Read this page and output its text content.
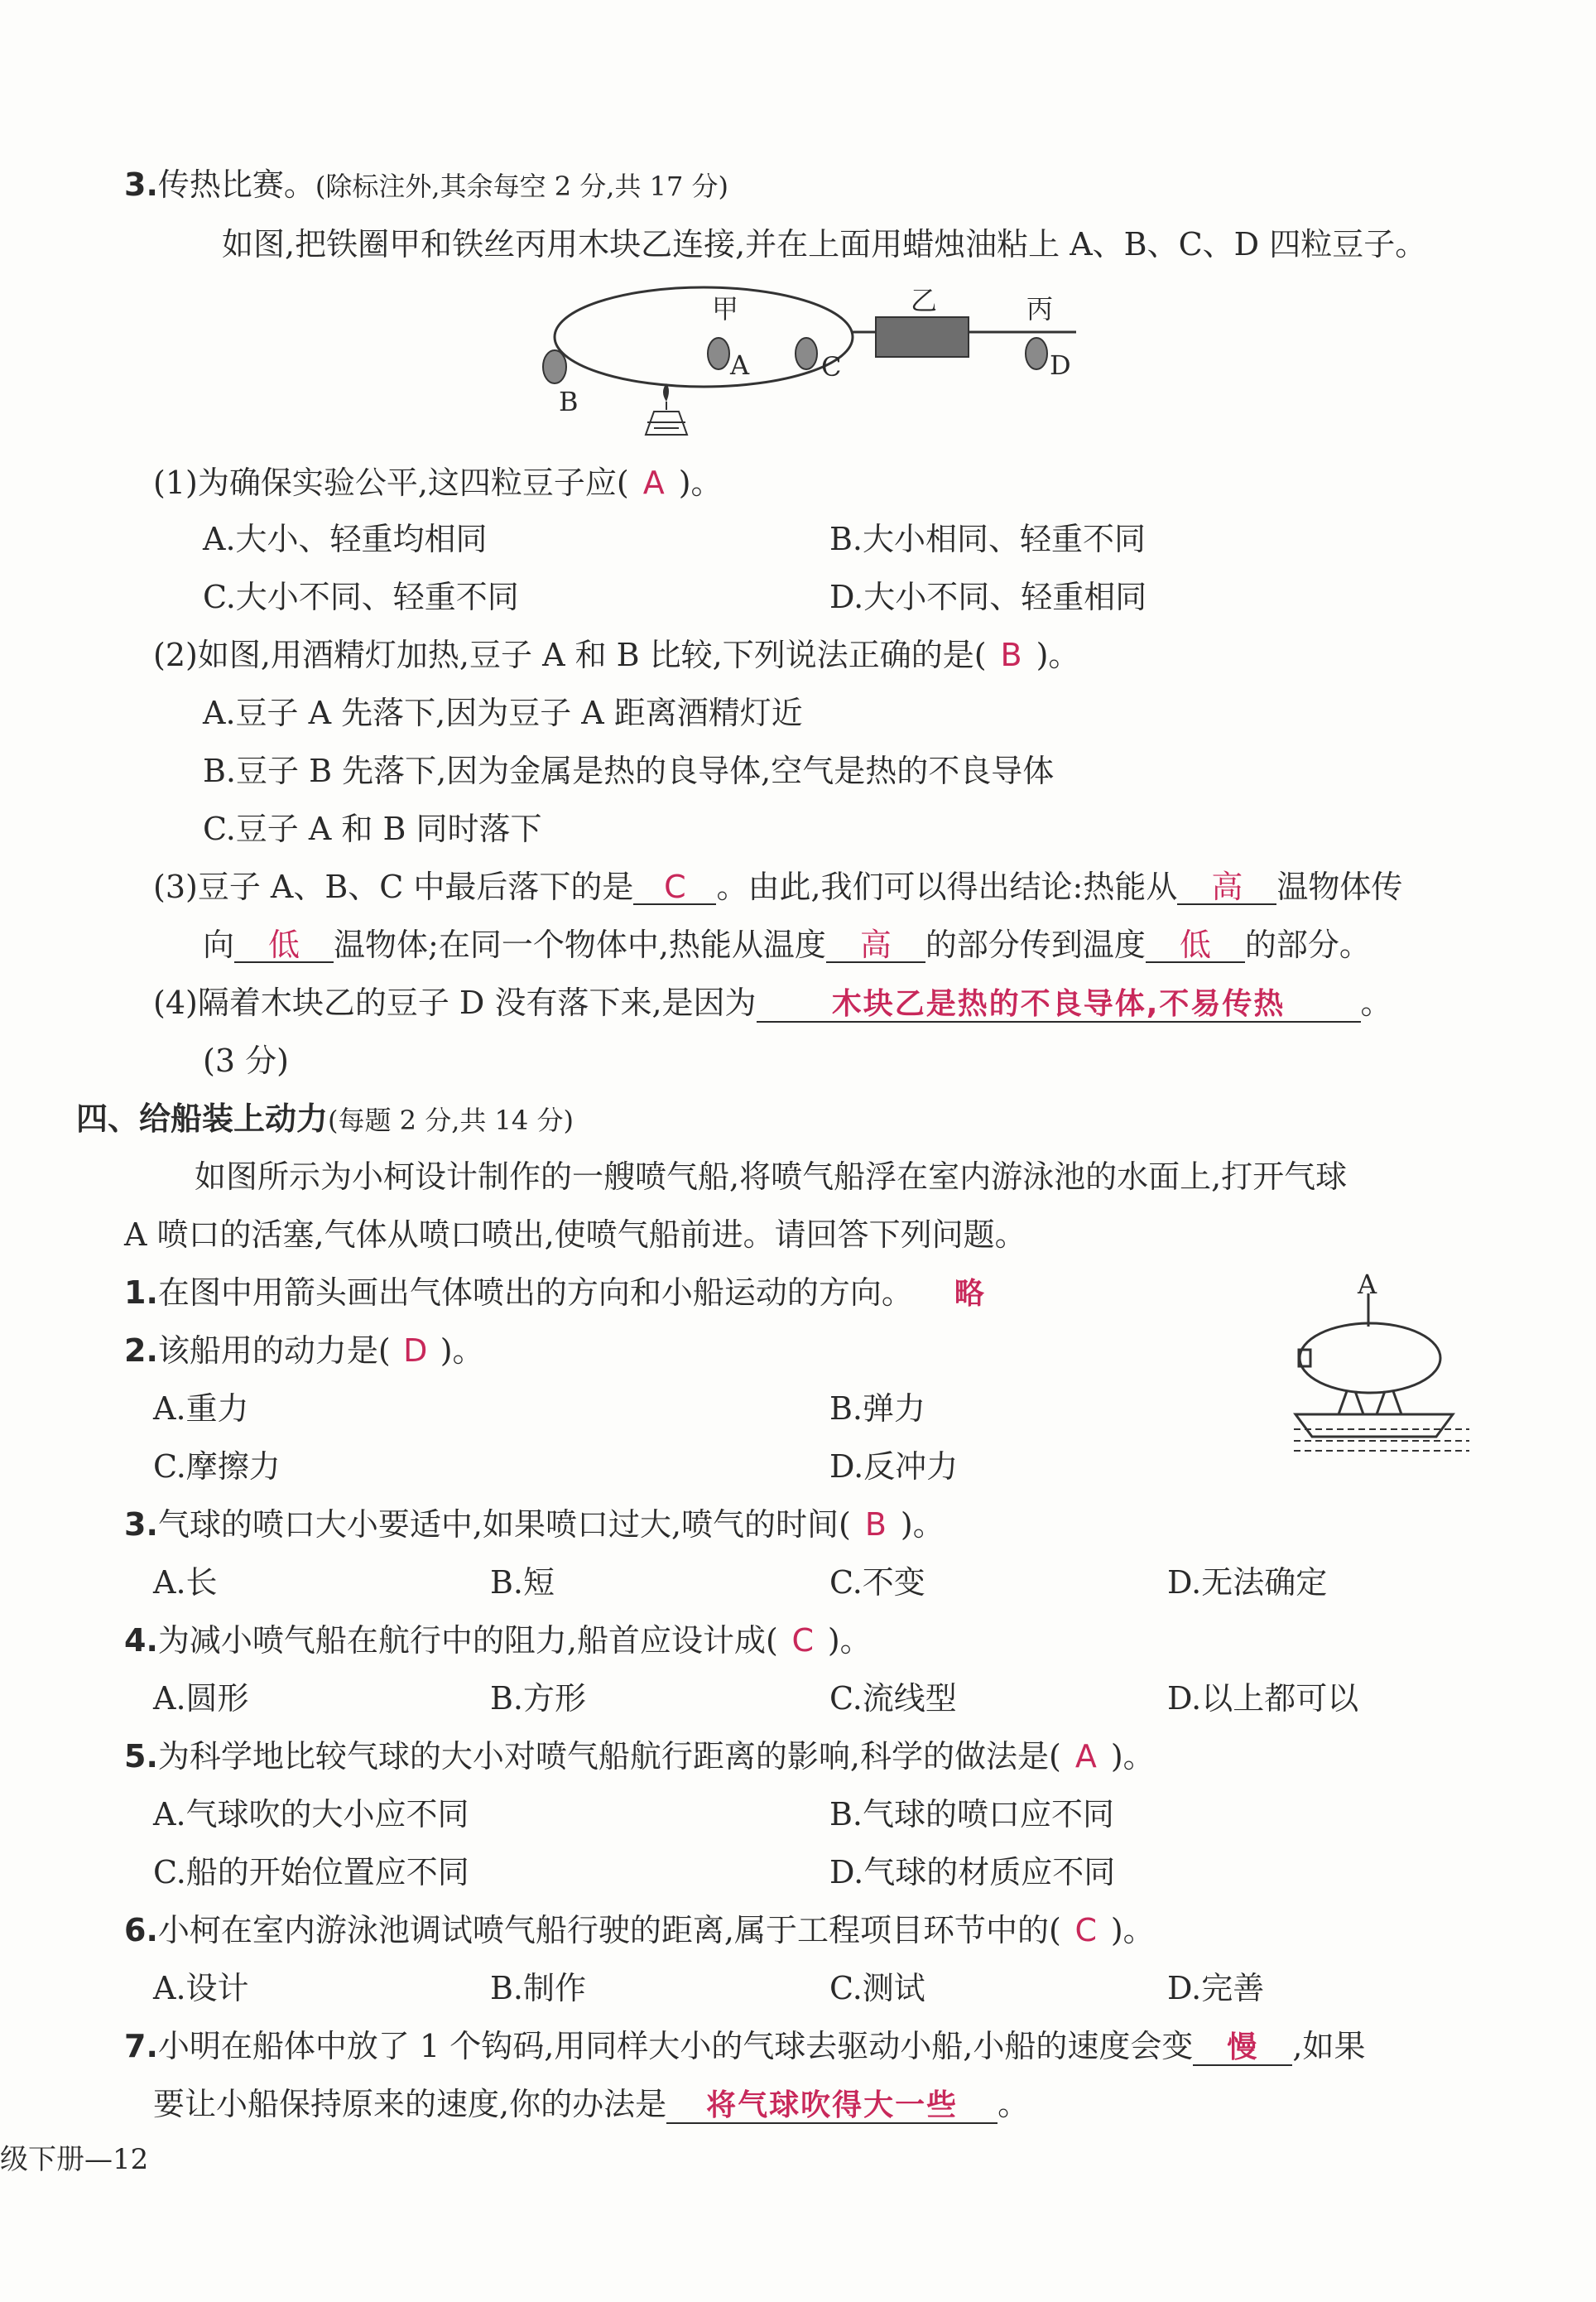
3.传热比赛。(除标注外,其余每空 2 分,共 17 分)
如图,把铁圈甲和铁丝丙用木块乙连接,并在上面用蜡烛油粘上 A、B、C、D 四粒豆子。
甲	乙	丙
A	C	D
B
(1)为确保实验公平,这四粒豆子应( A )。
A.大小、轻重均相同	B.大小相同、轻重不同
C.大小不同、轻重不同	D.大小不同、轻重相同
(2)如图,用酒精灯加热,豆子 A 和 B 比较,下列说法正确的是( B )。
A.豆子 A 先落下,因为豆子 A 距离酒精灯近
B.豆子 B 先落下,因为金属是热的良导体,空气是热的不良导体
C.豆子 A 和 B 同时落下
(3)豆子 A、B、C 中最后落下的是 C 。由此,我们可以得出结论:热能从 高 温物体传
向 低 温物体;在同一个物体中,热能从温度 高 的部分传到温度 低 的部分。
(4)隔着木块乙的豆子 D 没有落下来,是因为	木块乙是热的不良导体,不易传热 。
(3 分)
四、给船装上动力(每题 2 分,共 14 分)
如图所示为小柯设计制作的一艘喷气船,将喷气船浮在室内游泳池的水面上,打开气球
A 喷口的活塞,气体从喷口喷出,使喷气船前进。请回答下列问题。
A
1.在图中用箭头画出气体喷出的方向和小船运动的方向。 略
2.该船用的动力是( D )。
A.重力	B.弹力
C.摩擦力	D.反冲力
3.气球的喷口大小要适中,如果喷口过大,喷气的时间( B )。
A.长	B.短	C.不变	D.无法确定
4.为减小喷气船在航行中的阻力,船首应设计成( C )。
A.圆形	B.方形	C.流线型	D.以上都可以
5.为科学地比较气球的大小对喷气船航行距离的影响,科学的做法是( A )。
A.气球吹的大小应不同	B.气球的喷口应不同
C.船的开始位置应不同	D.气球的材质应不同
6.小柯在室内游泳池调试喷气船行驶的距离,属于工程项目环节中的( C )。
A.设计	B.制作	C.测试	D.完善
7.小明在船体中放了 1 个钩码,用同样大小的气球去驱动小船,小船的速度会变 慢 ,如果
要让小船保持原来的速度,你的办法是 将气球吹得大一些 。
级下册—12
